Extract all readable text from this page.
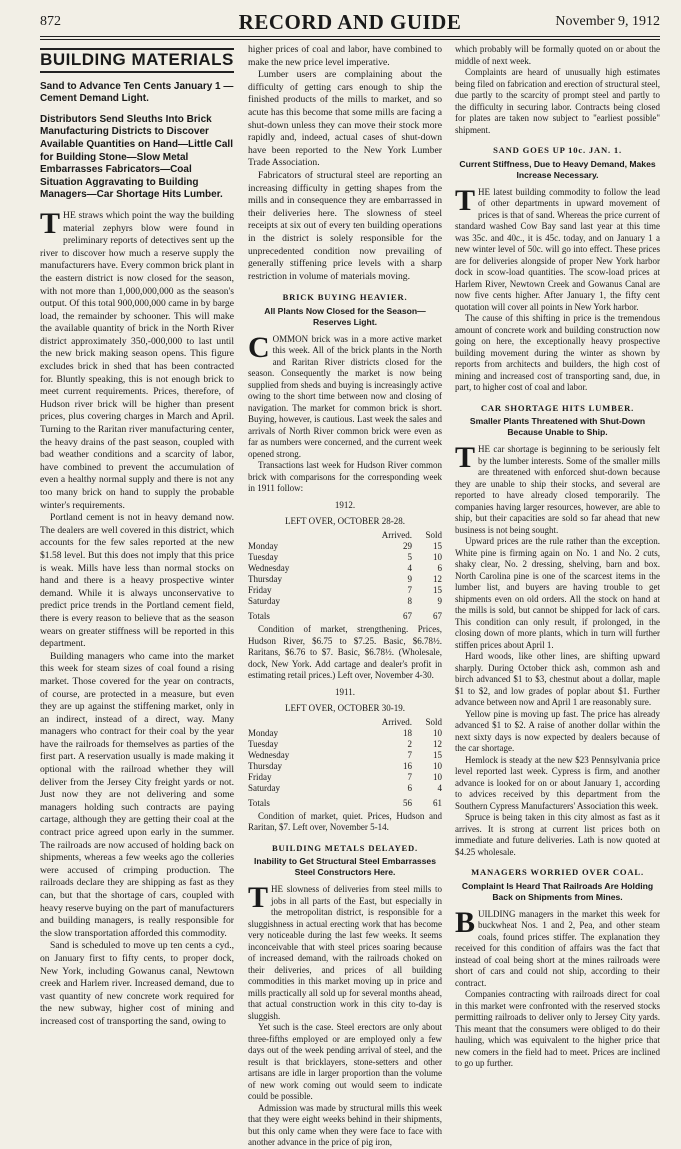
872	RECORD AND GUIDE	November 9, 1912
BUILDING MATERIALS
Sand to Advance Ten Cents January 1 —Cement Demand Light.
Distributors Send Sleuths Into Brick Manufacturing Districts to Discover Available Quantities on Hand—Little Call for Building Stone—Slow Metal Embarrasses Fabricators—Coal Situation Aggravating to Building Managers—Car Shortage Hits Lumber.

THE straws which point the way the building material zephyrs blow were found in preliminary reports of detectives sent up the river to discover how much a reserve supply the manufacturers have. Every common brick plant in the eastern district is now closed for the season, with not more than 1,000,000,000 as the season's output. Of this total 900,000,000 came in by barge load, the remainder by schooner. This will make the available quantity of brick in the North River district approximately 350,-000,000 to last until the new brick making season opens. This figure excludes brick in shed that has been contracted for. Bluntly speaking, this is not enough brick to meet current requirements. Prices, therefore, of Hudson river brick will be higher than present prices, plus covering charges in March and April. Turning to the Raritan river manufacturing center, the heavy drains of the past season, coupled with bad weather conditions and a scarcity of labor, have combined to prevent the accumulation of even a healthy normal supply and there is not any too many brick on hand to supply the probable winter's requirements.

Portland cement is not in heavy demand now. The dealers are well covered in this district, which accounts for the few sales reported at the new $1.58 level. But this does not imply that this price is weak. Mills have less than normal stocks on hand and there is a heavy prospective winter demand. While it is always unconservative to predict price trends in the Portland cement field, there is every reason to believe that as the season wears on greater stiffness will be reported in this department.

Building managers who came into the market this week for steam sizes of coal found a rising market. Those covered for the year on contracts, of course, are protected in a measure, but even they are up against the stiffening market, only in an indirect, instead of a direct, way. Many managers who contract for their coal by the year have the railroads for themselves as parties of the first part. A reservation usually is made making it optional with the railroad whether they will deliver from the Jersey City freight yards or not. Just now they are not delivering and some managers holding such contracts are paying cartage, although they are getting their coal at the contract price agreed upon early in the summer. The railroads are now accused of holding back on shipments, whereas a few weeks ago the colleries were accused of crimping production. The railroads declare they are shipping as fast as they can, but that the shortage of cars, coupled with heavy reserve buying on the part of manufacturers and building managers, is really responsible for the slow transportation afforded this commodity.

Sand is scheduled to move up ten cents a cyd., on January first to fifty cents, to proper dock, New York, including Gowanus canal, Newtown creek and Harlem river. Increased demand, due to vast quantity of new concrete work required for the new subway, higher cost of mining and increased cost of transporting the sand, owing to

higher prices of coal and labor, have combined to make the new price level imperative.

Lumber users are complaining about the difficulty of getting cars enough to ship the finished products of the mills to market, and so acute has this become that some mills are facing a shut-down unless they can move their stock more rapidly and, indeed, actual cases of shut-down have been reported to the New York Lumber Trade Association.

Fabricators of structural steel are reporting an increasing difficulty in getting shapes from the mills and in consequence they are embarrassed in their deliveries here. The slowness of steel receipts at six out of every ten building operations in the district is solely responsible for the unprecedented condition now prevailing of generally stiffening price levels with a sharp restriction in volume of materials moving.

BRICK BUYING HEAVIER.
All Plants Now Closed for the Season— Reserves Light.

COMMON brick was in a more active market this week. All of the brick plants in the North and Raritan River districts closed for the season. Consequently the market is now being supplied from sheds and buying is increasingly active owing to the short time between now and closing of navigation. The market for common brick is short. Buying, however, is cautious. Last week the sales and arrivals of North River common brick were even as far as numbers were concerned, and the current week opened strong.

Transactions last week for Hudson River common brick with comparisons for the corresponding week in 1911 follow:

1912.
LEFT OVER, OCTOBER 28-28.
	Arrived.	Sold
Monday	29	15
Tuesday	5	10
Wednesday	4	6
Thursday	9	12
Friday	7	15
Saturday	8	9
Totals	67	67

Condition of market, strengthening. Prices, Hudson River, $6.75 to $7.25. Basic, $6.78½. Raritans, $6.76 to $7. Basic, $6.78½. (Wholesale, dock, New York. Add cartage and dealer's profit in estimating retail prices.) Left over, November 4-30.

1911.
LEFT OVER, OCTOBER 30-19.
	Arrived.	Sold
Monday	18	10
Tuesday	2	12
Wednesday	7	15
Thursday	16	10
Friday	7	10
Saturday	6	4
Totals	56	61

Condition of market, quiet. Prices, Hudson and Raritan, $7. Left over, November 5-14.

BUILDING METALS DELAYED.
Inability to Get Structural Steel Embarrasses Steel Constructors Here.

THE slowness of deliveries from steel mills to jobs in all parts of the East, but especially in the metropolitan district, is responsible for a sluggishness in actual erecting work that has become very noticeable during the last few weeks. It seems inconceivable that with steel prices soaring because of increased demand, with the railroads choked on their deliveries, and prices of all building commodities in this market moving up in price and mills practically all sold up for several months ahead, that actual construction work in this city to-day is sluggish.

Yet such is the case. Steel erectors are only about three-fifths employed or are employed only a few days out of the week pending arrival of steel, and the result is that bricklayers, stone-setters and other artisans are idle in larger proportion than the volume of new work coming out would seem to indicate could be possible.

Admission was made by structural mills this week that they were eight weeks behind in their shipments, but this only came when they were face to face with another advance in the price of pig iron,

which probably will be formally quoted on or about the middle of next week.

Complaints are heard of unusually high estimates being filed on fabrication and erection of structural steel, due partly to the scarcity of prompt steel and partly to the difficulty in securing labor. Contracts being closed for plates are taken now subject to "earliest possible" shipment.

SAND GOES UP 10c. JAN. 1.
Current Stiffness, Due to Heavy Demand, Makes Increase Necessary.

THE latest building commodity to follow the lead of other departments in upward movement of prices is that of sand. Whereas the price current of standard washed Cow Bay sand last year at this time was 35c. and 40c., it is 45c. today, and on January 1 a new winter level of 50c. will go into effect. These prices are for deliveries alongside of proper New York harbor dock in scow-load quantities. The scow-load prices at Harlem River, Newtown Creek and Gowanus Canal are now five cents higher. After January 1, the fifty cent quotation will cover all points in New York harbor.

The cause of this shifting in price is the tremendous amount of concrete work and building construction now going on here, the exceptionally heavy prospective building movement during the winter as shown by reports from architects and builders, the high cost of mining and increased cost of transporting sand, due, in part, to higher cost of coal and labor.

CAR SHORTAGE HITS LUMBER.
Smaller Plants Threatened with Shut-Down Because Unable to Ship.

THE car shortage is beginning to be seriously felt by the lumber interests. Some of the smaller mills are threatened with enforced shut-down because they are unable to ship their stocks, and several are reported to have already closed temporarily. The companies having larger resources, however, are able to ship, but their capacities are sold so far ahead that new business is not being sought.

Upward prices are the rule rather than the exception. White pine is firming again on No. 1 and No. 2 cuts, shaky clear, No. 2 dressing, shelving, barn and box. North Carolina pine is one of the scarcest items in the lumber list, and buyers are having trouble to get shipments even on old orders. All the stock on hand at the mills is sold, but cannot be shipped for lack of cars. This condition can only result, if prolonged, in the closing down of more plants, which in turn will further stiffen prices about April 1.

Hard woods, like other lines, are shifting upward sharply. During October thick ash, common ash and birch advanced $1 to $3, chestnut about a dollar, maple $1 to $2, and low grades of poplar about $1. Further advance between now and April 1 are reasonably sure.

Yellow pine is moving up fast. The price has already advanced $1 to $2. A raise of another dollar within the next sixty days is now expected by dealers because of the car shortage.

Hemlock is steady at the new $23 Pennsylvania price level reported last week. Cypress is firm, and another advance is looked for on or about January 1, according to advices received by this department from the Southern Cypress Manufacturers' Association this week.

Spruce is being taken in this city almost as fast as it arrives. It is strong at current list prices both on immediate and future deliveries. Lath is now quoted at $4.25 wholesale.

MANAGERS WORRIED OVER COAL.
Complaint Is Heard That Railroads Are Holding Back on Shipments from Mines.

BUILDING managers in the market this week for buckwheat Nos. 1 and 2, Pea, and other steam coals, found prices stiffer. The explanation they received for this condition of affairs was the fact that instead of coal being short at the mines railroads were short of cars and could not ship, according to their contract.

Companies contracting with railroads direct for coal in this market were confronted with the reserved stocks permitting railroads to deliver only to Jersey City yards. This meant that the consumers were obliged to do their hauling, which was equivalent to the higher price that new comers in the field had to meet. Prices are inclined to go up further.
